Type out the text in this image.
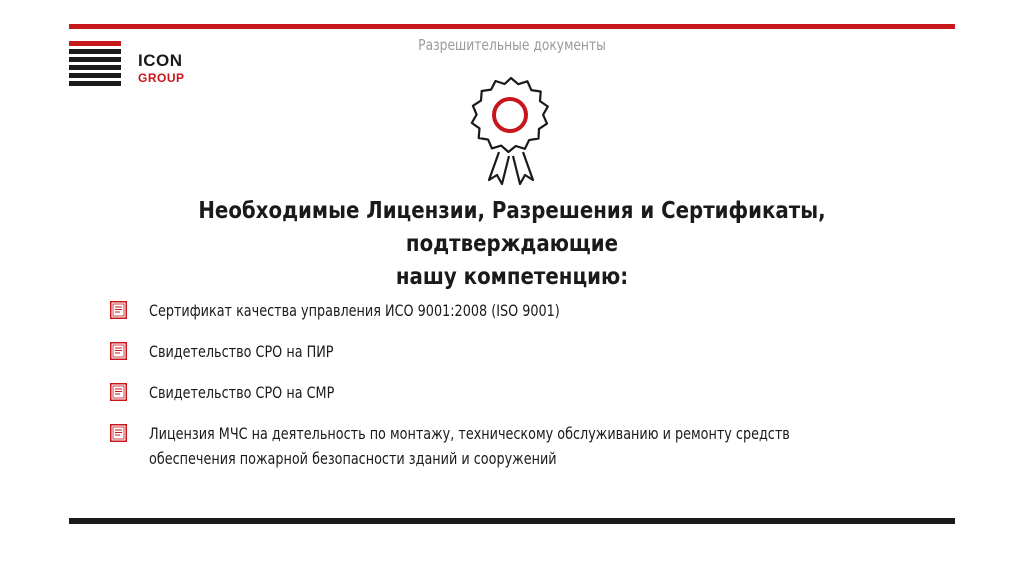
ICON
GROUP
Разрешительные документы
Необходимые Лицензии, Разрешения и Сертификаты, подтверждающие
нашу компетенцию:
Сертификат качества управления ИСО 9001:2008 (ISO 9001)
Свидетельство СРО на ПИР
Свидетельство СРО на СМР
Лицензия МЧС на деятельность по монтажу, техническому обслуживанию и ремонту средств
обеспечения пожарной безопасности зданий и сооружений
